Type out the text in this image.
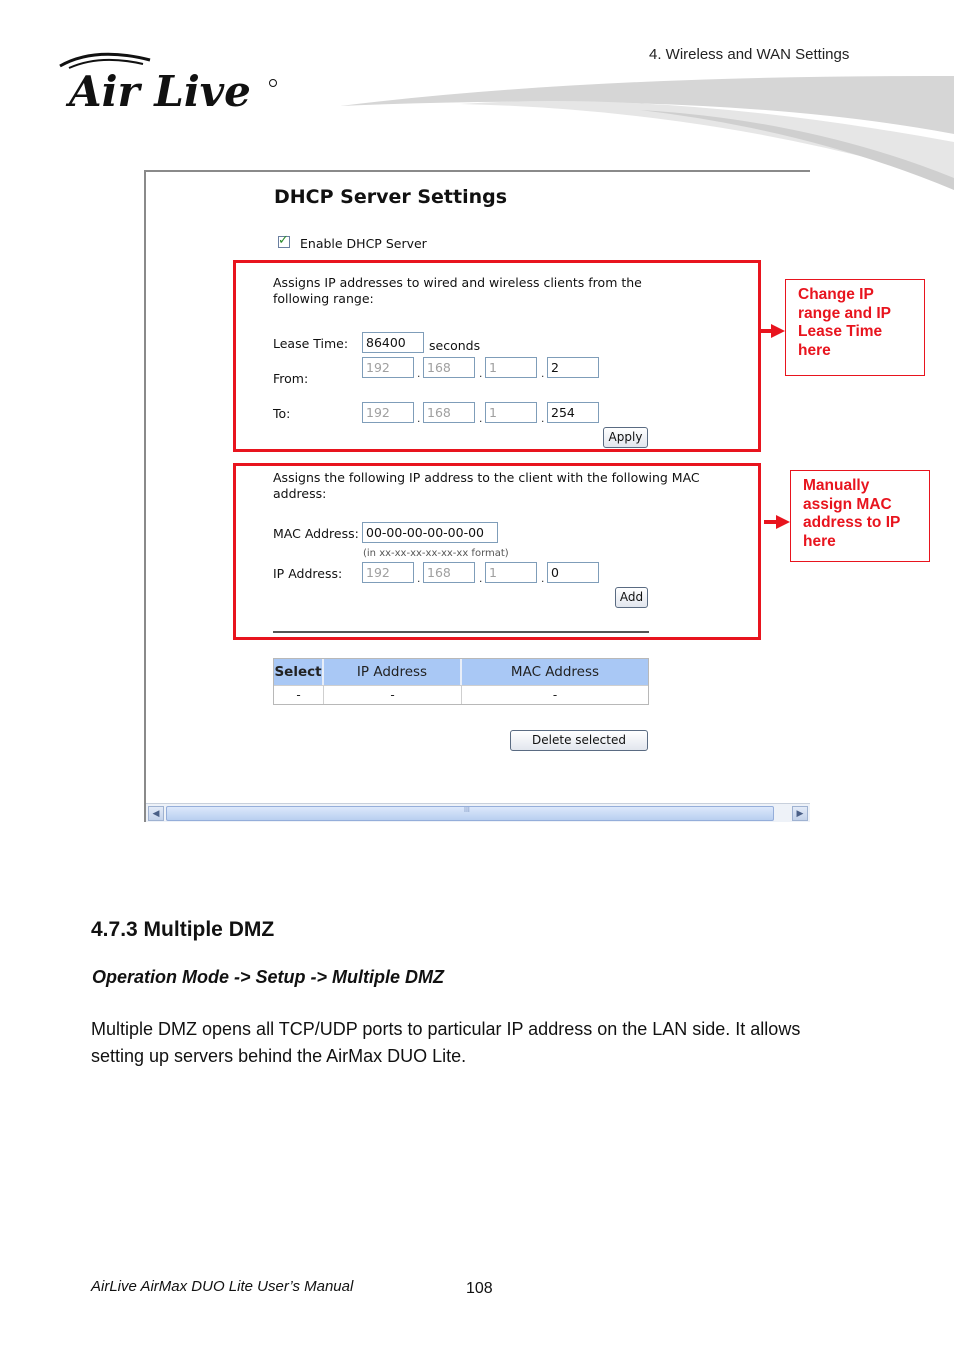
4. Wireless and WAN Settings
Air Live
DHCP Server Settings
✓ Enable DHCP Server
Assigns IP addresses to wired and wireless clients from the
following range:
Lease Time:	86400	seconds
From:
192	. 168	. 1	. 2
To:	192	. 168	. 1	. 254
Apply
Assigns the following IP address to the client with the following MAC
address:
MAC Address: 00-00-00-00-00-00
(in xx-xx-xx-xx-xx-xx format)
IP Address:	192	. 168	. 1	. 0
Add
Select	IP Address	MAC Address
-	-	-
Delete selected
◀	III	▶
Change IP
range and IP
Lease Time
here
Manually
assign MAC
address to IP
here
4.7.3 Multiple DMZ
Operation Mode -> Setup -> Multiple DMZ
Multiple DMZ opens all TCP/UDP ports to particular IP address on the LAN side. It allows
setting up servers behind the AirMax DUO Lite.
AirLive AirMax DUO Lite User’s Manual	108
